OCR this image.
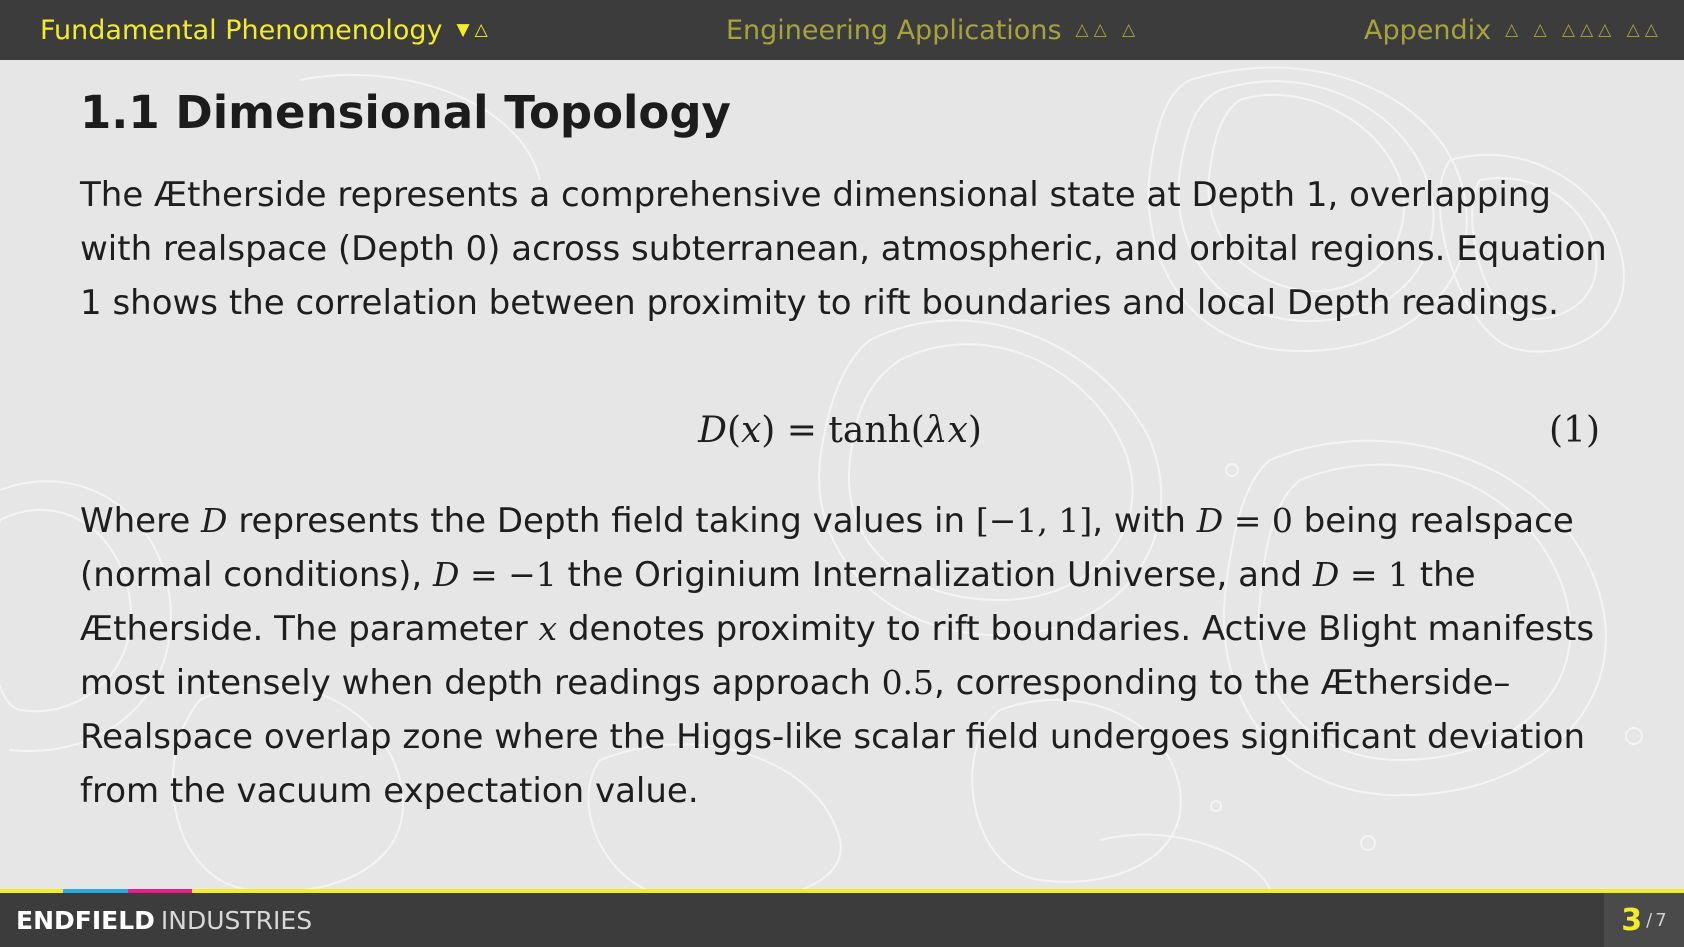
Fundamental Phenomenology ▼△	Engineering Applications △△ △	Appendix △ △ △△△ △△
1.1 Dimensional Topology

The Ætherside represents a comprehensive dimensional state at Depth 1, overlapping with realspace (Depth 0) across subterranean, atmospheric, and orbital regions. Equation 1 shows the correlation between proximity to rift boundaries and local Depth readings.

D(x) = tanh(λx)	(1)

Where D represents the Depth field taking values in [−1, 1], with D = 0 being realspace (normal conditions), D = −1 the Originium Internalization Universe, and D = 1 the Ætherside. The parameter x denotes proximity to rift boundaries. Active Blight manifests most intensely when depth readings approach 0.5, corresponding to the Ætherside–Realspace overlap zone where the Higgs-like scalar field undergoes significant deviation from the vacuum expectation value.

ENDFIELD INDUSTRIES	3 / 7
